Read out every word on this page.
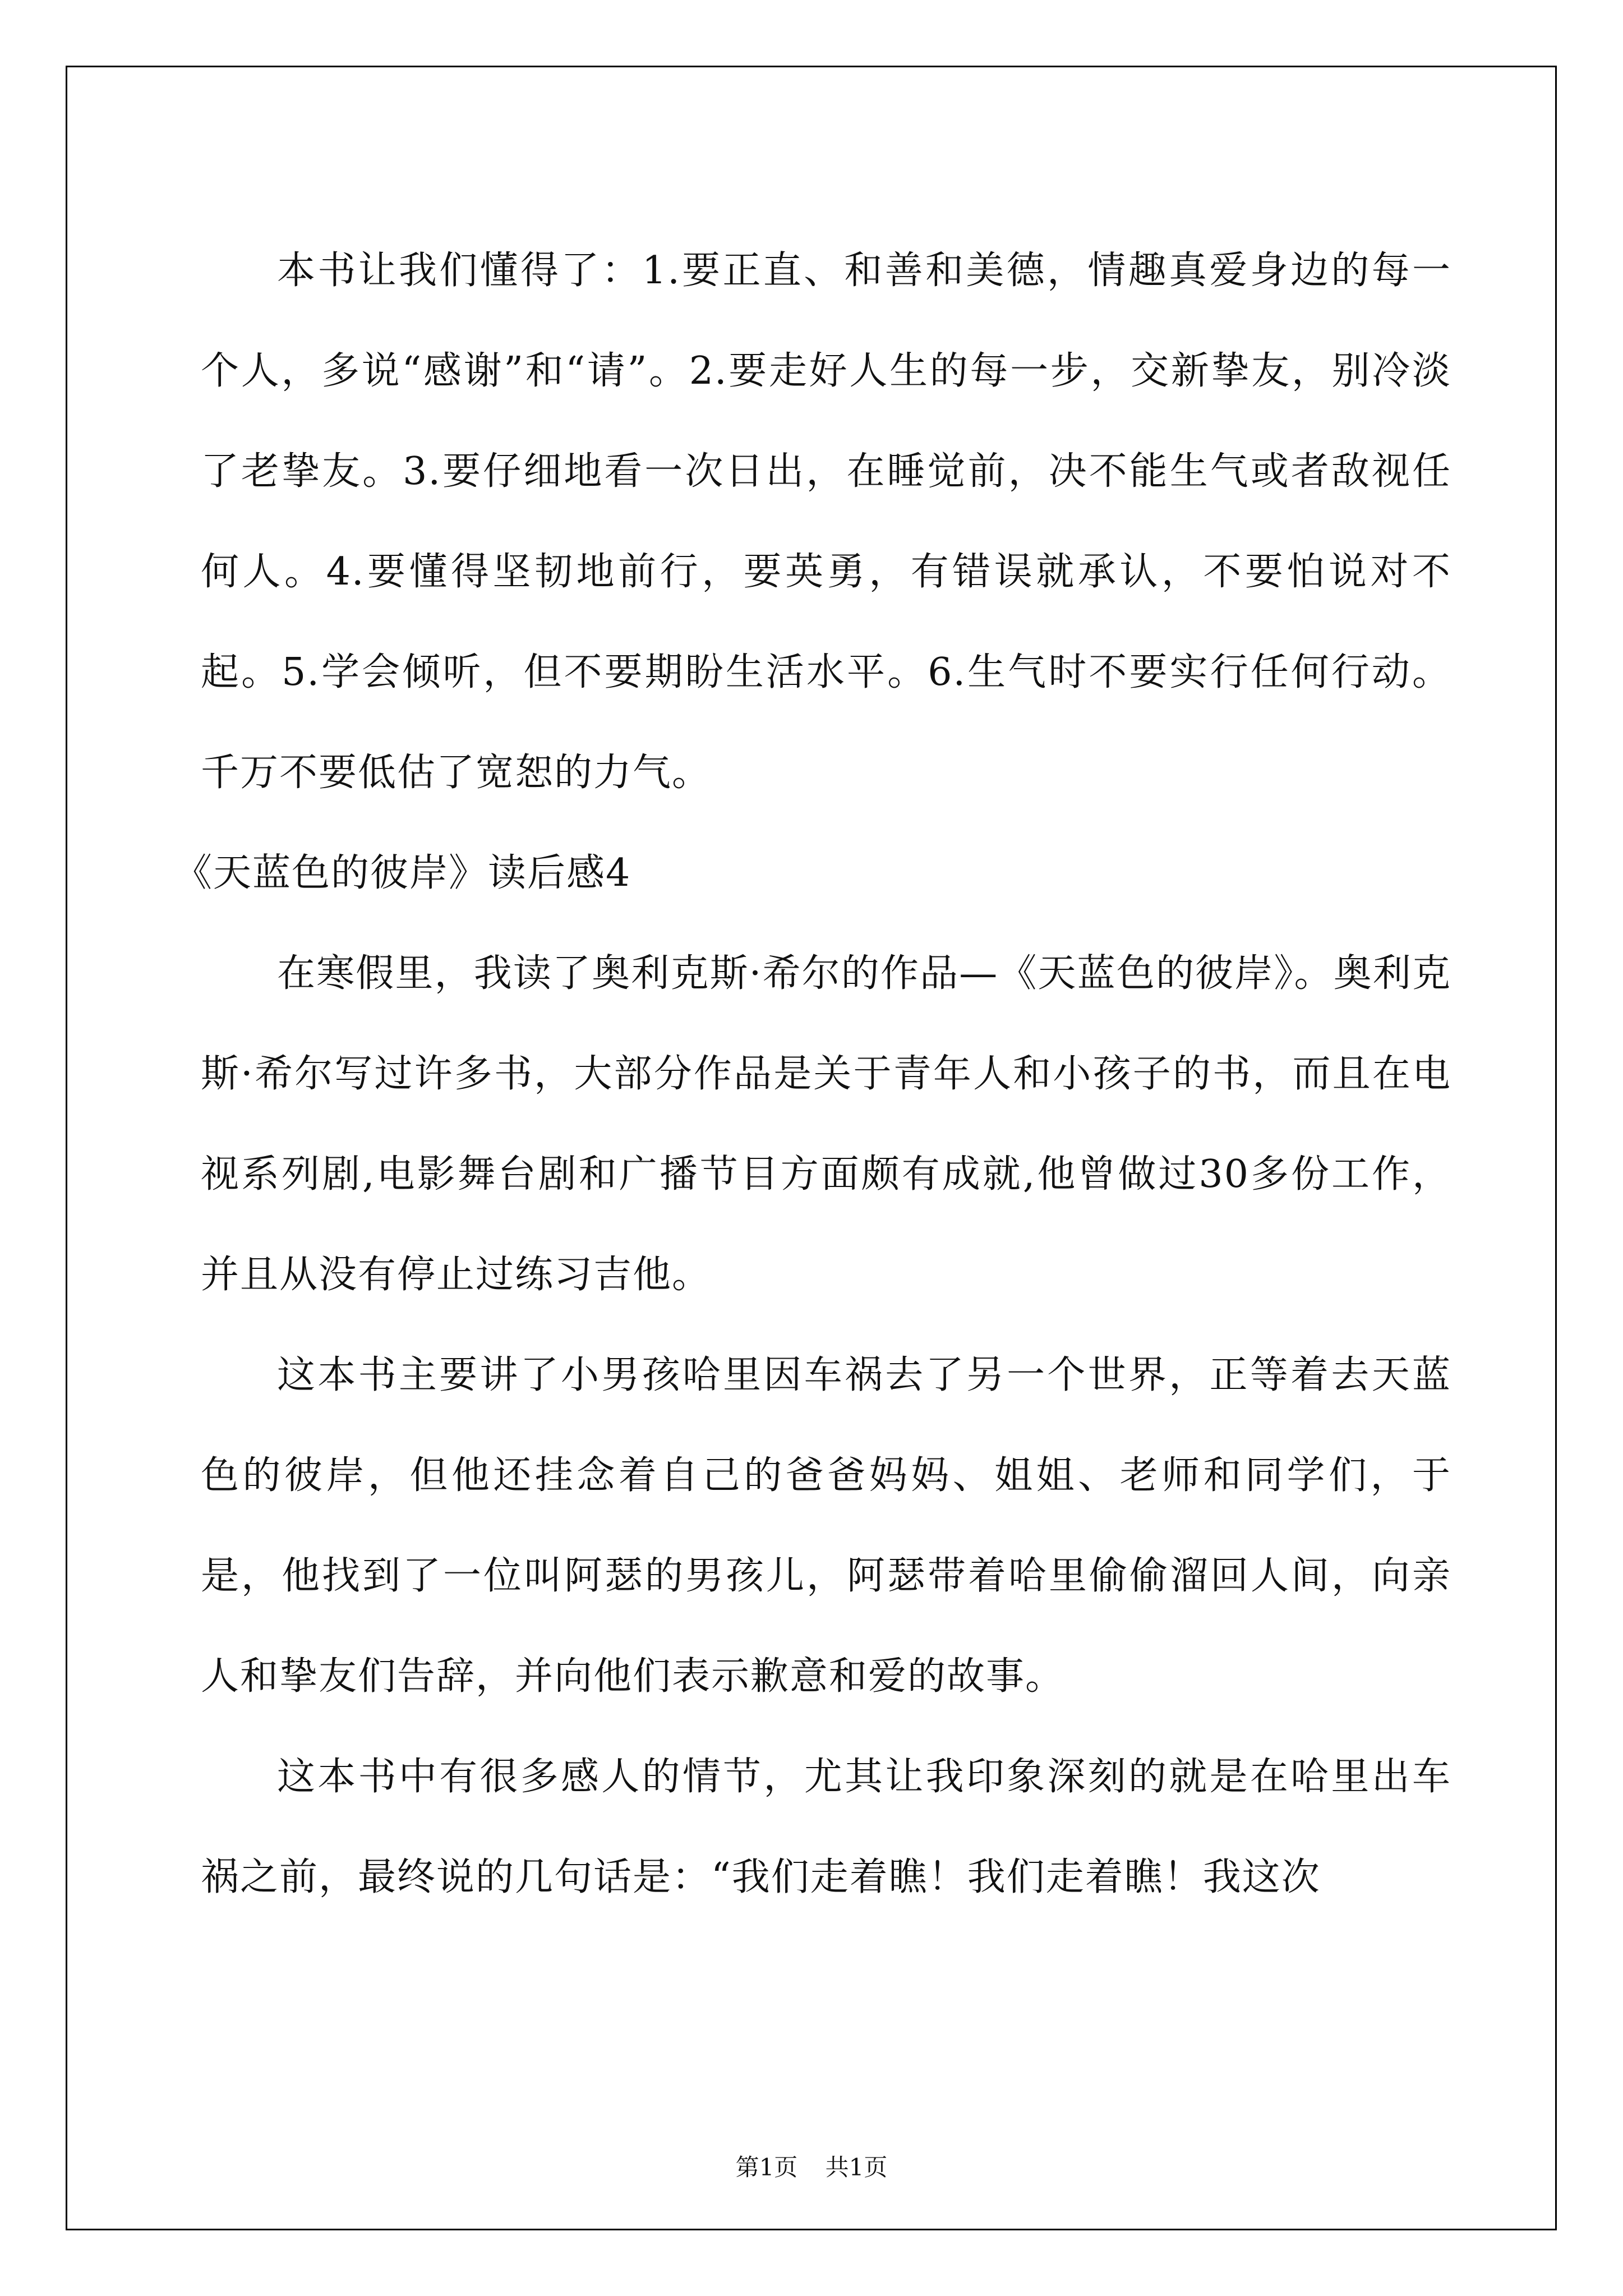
本书让我们懂得了：1.要正直、和善和美德，情趣真爱身边的每一个人，多说“感谢”和“请”。2.要走好人生的每一步，交新挚友，别冷淡了老挚友。3.要仔细地看一次日出，在睡觉前，决不能生气或者敌视任何人。4.要懂得坚韧地前行，要英勇，有错误就承认，不要怕说对不起。5.学会倾听，但不要期盼生活水平。6.生气时不要实行任何行动。千万不要低估了宽恕的力气。

《天蓝色的彼岸》读后感4

在寒假里，我读了奥利克斯·希尔的作品—《天蓝色的彼岸》。奥利克斯·希尔写过许多书，大部分作品是关于青年人和小孩子的书，而且在电视系列剧,电影舞台剧和广播节目方面颇有成就,他曾做过30多份工作，并且从没有停止过练习吉他。

这本书主要讲了小男孩哈里因车祸去了另一个世界，正等着去天蓝色的彼岸，但他还挂念着自己的爸爸妈妈、姐姐、老师和同学们，于是，他找到了一位叫阿瑟的男孩儿，阿瑟带着哈里偷偷溜回人间，向亲人和挚友们告辞，并向他们表示歉意和爱的故事。

这本书中有很多感人的情节，尤其让我印象深刻的就是在哈里出车祸之前，最终说的几句话是：“我们走着瞧！我们走着瞧！我这次

第1页 共1页
